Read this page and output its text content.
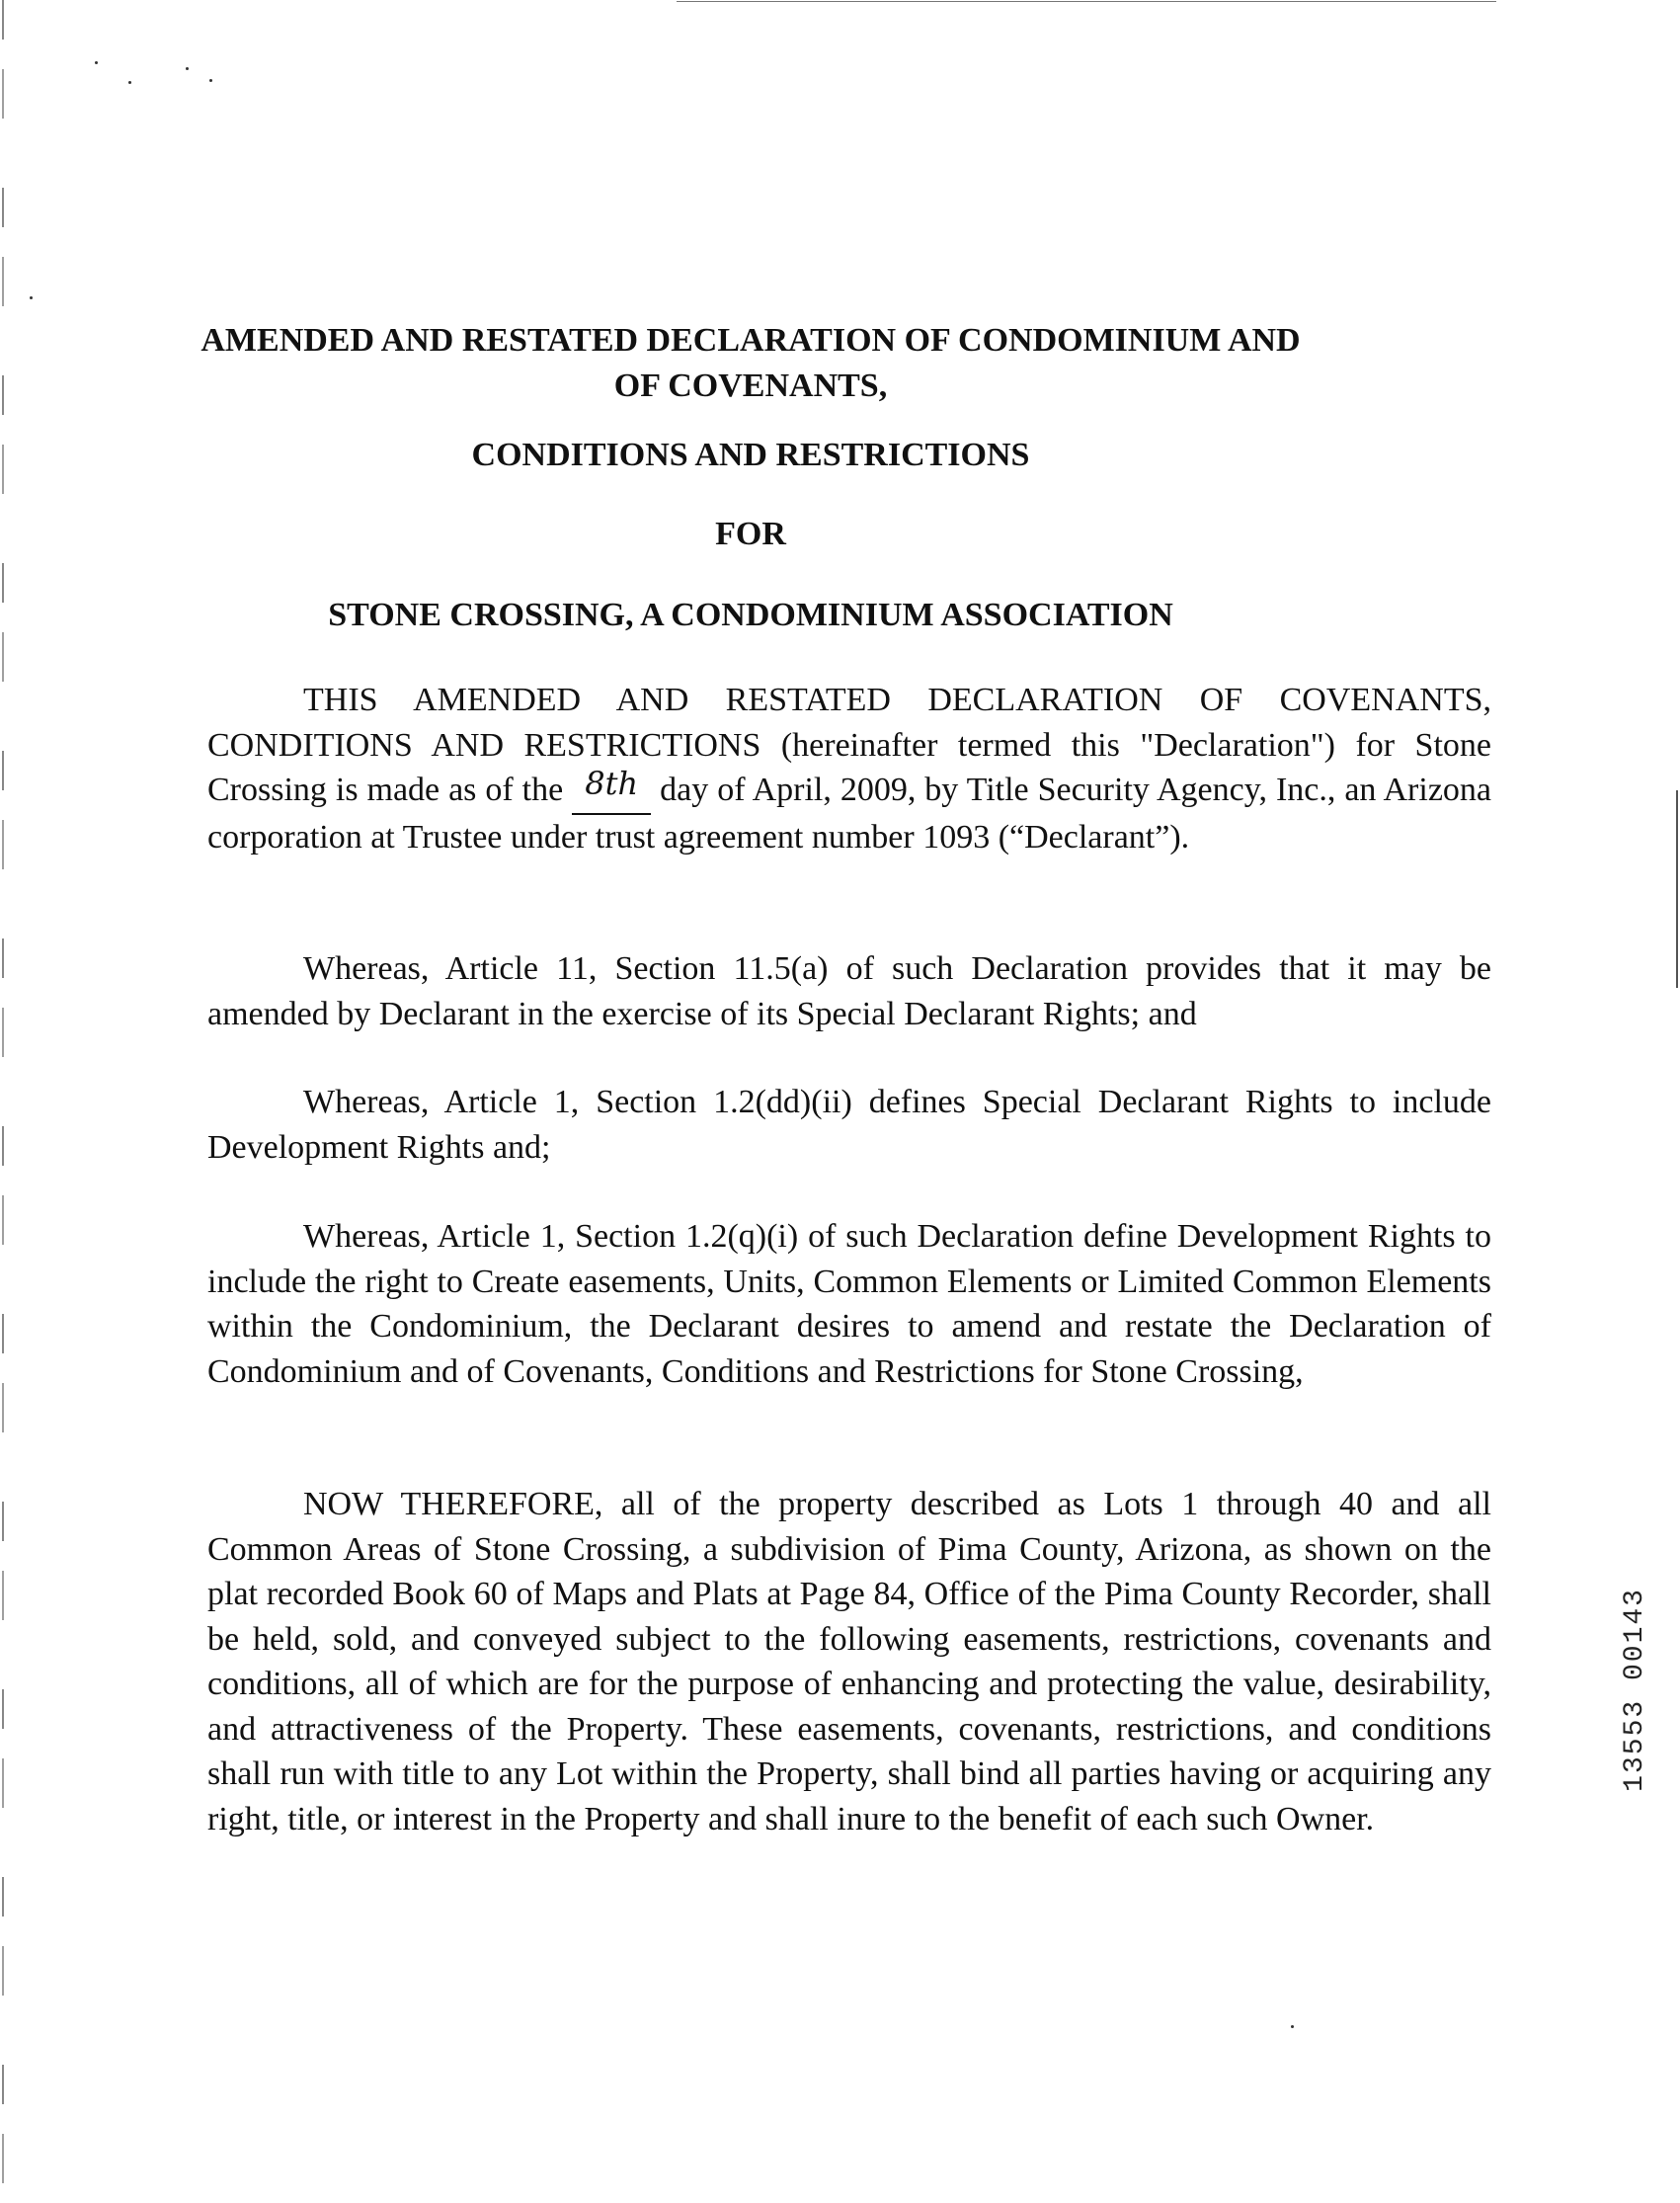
AMENDED AND RESTATED DECLARATION OF CONDOMINIUM AND OF COVENANTS,
CONDITIONS AND RESTRICTIONS
FOR
STONE CROSSING, A CONDOMINIUM ASSOCIATION

THIS AMENDED AND RESTATED DECLARATION OF COVENANTS, CONDITIONS AND RESTRICTIONS (hereinafter termed this "Declaration") for Stone Crossing is made as of the 8th day of April, 2009, by Title Security Agency, Inc., an Arizona corporation at Trustee under trust agreement number 1093 (“Declarant”).

Whereas, Article 11, Section 11.5(a) of such Declaration provides that it may be amended by Declarant in the exercise of its Special Declarant Rights; and

Whereas, Article 1, Section 1.2(dd)(ii) defines Special Declarant Rights to include Development Rights and;

Whereas, Article 1, Section 1.2(q)(i) of such Declaration define Development Rights to include the right to Create easements, Units, Common Elements or Limited Common Elements within the Condominium, the Declarant desires to amend and restate the Declaration of Condominium and of Covenants, Conditions and Restrictions for Stone Crossing,

NOW THEREFORE, all of the property described as Lots 1 through 40 and all Common Areas of Stone Crossing, a subdivision of Pima County, Arizona, as shown on the plat recorded Book 60 of Maps and Plats at Page 84, Office of the Pima County Recorder, shall be held, sold, and conveyed subject to the following easements, restrictions, covenants and conditions, all of which are for the purpose of enhancing and protecting the value, desirability, and attractiveness of the Property. These easements, covenants, restrictions, and conditions shall run with title to any Lot within the Property, shall bind all parties having or acquiring any right, title, or interest in the Property and shall inure to the benefit of each such Owner.

13553 00143
